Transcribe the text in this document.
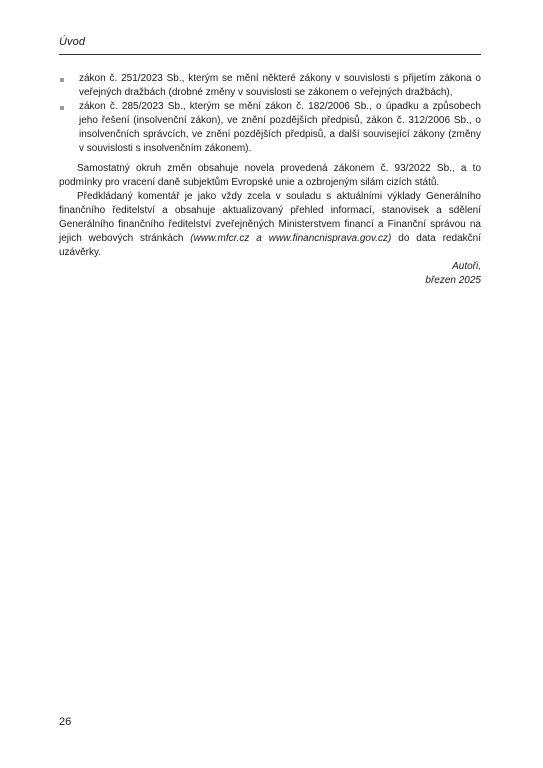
Úvod
zákon č. 251/2023 Sb., kterým se mění některé zákony v souvislosti s přijetím zákona o veřejných dražbách (drobné změny v souvislosti se zákonem o veřejných dražbách),
zákon č. 285/2023 Sb., kterým se mění zákon č. 182/2006 Sb., o úpadku a způsobech jeho řešení (insolvenční zákon), ve znění pozdějších předpisů, zákon č. 312/2006 Sb., o insolvenčních správcích, ve znění pozdějších předpisů, a další související zákony (změny v souvislosti s insolvenčním zákonem).

Samostatný okruh změn obsahuje novela provedená zákonem č. 93/2022 Sb., a to podmínky pro vracení daně subjektům Evropské unie a ozbrojeným silám cizích států.

Předkládaný komentář je jako vždy zcela v souladu s aktuálními výklady Generálního finančního ředitelství a obsahuje aktualizovaný přehled informací, stanovisek a sdělení Generálního finančního ředitelství zveřejněných Ministerstvem financí a Finanční správou na jejich webových stránkách (www.mfcr.cz a www.financnisprava.gov.cz) do data redakční uzávěrky.

Autoři,
březen 2025
26
